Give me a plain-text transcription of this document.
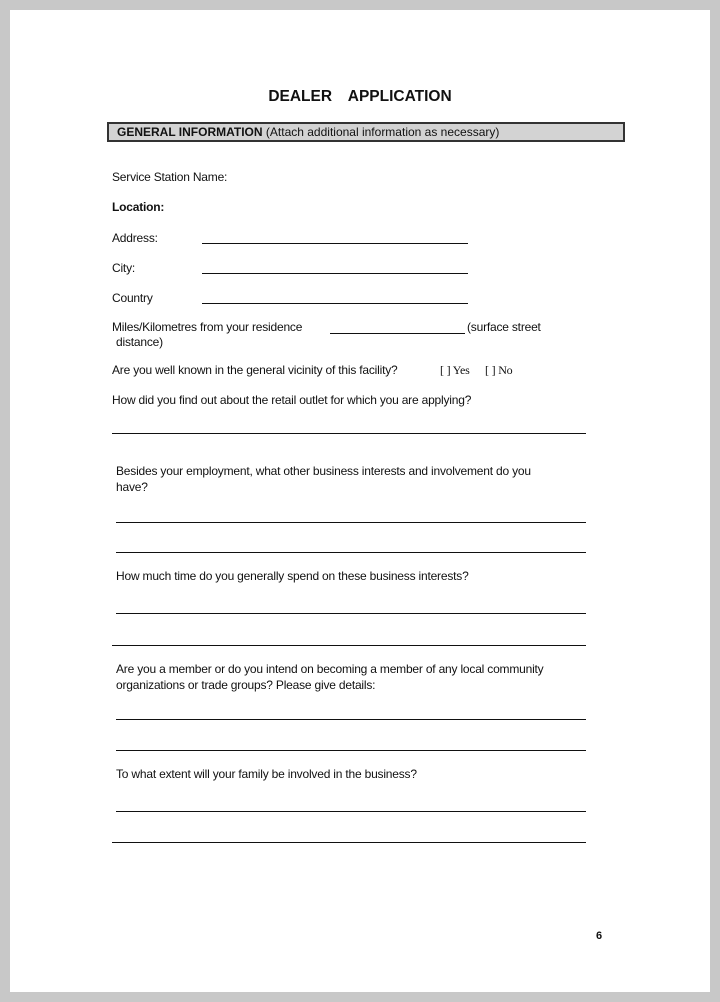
DEALER APPLICATION
GENERAL INFORMATION (Attach additional information as necessary)
Service Station Name:
Location:
Address:
City:
Country
Miles/Kilometres from your residence	(surface street
distance)
Are you well known in the general vicinity of this facility?	[ ] Yes [ ] No
How did you find out about the retail outlet for which you are applying?
Besides your employment, what other business interests and involvement do you
have?
How much time do you generally spend on these business interests?
Are you a member or do you intend on becoming a member of any local community
organizations or trade groups? Please give details:
To what extent will your family be involved in the business?
6
